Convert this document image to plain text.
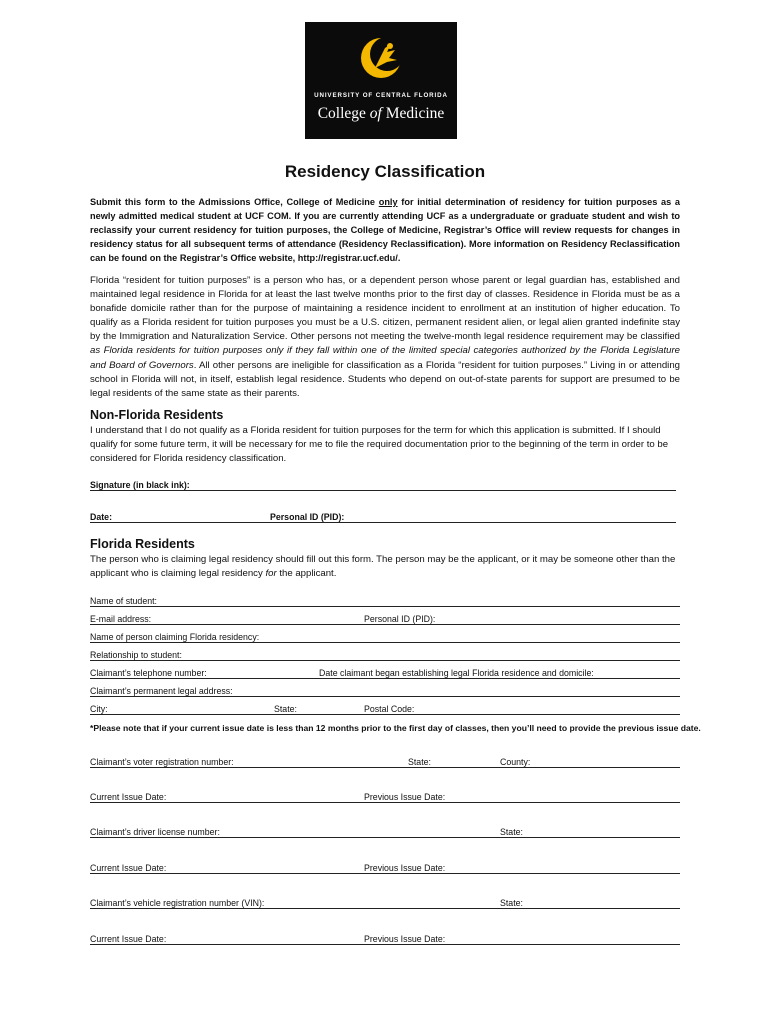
UNIVERSITY OF CENTRAL FLORIDA
College of Medicine
Residency Classification
Submit this form to the Admissions Office, College of Medicine only for initial determination of residency for tuition purposes as a newly admitted medical student at UCF COM. If you are currently attending UCF as a undergraduate or graduate student and wish to reclassify your current residency for tuition purposes, the College of Medicine, Registrar’s Office will review requests for changes in residency status for all subsequent terms of attendance (Residency Reclassification). More information on Residency Reclassification can be found on the Registrar’s Office website, http://registrar.ucf.edu/.
Florida “resident for tuition purposes” is a person who has, or a dependent person whose parent or legal guardian has, established and maintained legal residence in Florida for at least the last twelve months prior to the first day of classes. Residence in Florida must be as a bonafide domicile rather than for the purpose of maintaining a residence incident to enrollment at an institution of higher education. To qualify as a Florida resident for tuition purposes you must be a U.S. citizen, permanent resident alien, or legal alien granted indefinite stay by the Immigration and Naturalization Service. Other persons not meeting the twelve-month legal residence requirement may be classified as Florida residents for tuition purposes only if they fall within one of the limited special categories authorized by the Florida Legislature and Board of Governors. All other persons are ineligible for classification as a Florida “resident for tuition purposes.” Living in or attending school in Florida will not, in itself, establish legal residence. Students who depend on out-of-state parents for support are presumed to be legal residents of the same state as their parents.
Non-Florida Residents
I understand that I do not qualify as a Florida resident for tuition purposes for the term for which this application is submitted. If I should qualify for some future term, it will be necessary for me to file the required documentation prior to the beginning of the term in order to be considered for Florida residency classification.
Signature (in black ink):
Date:	Personal ID (PID):
Florida Residents
The person who is claiming legal residency should fill out this form. The person may be the applicant, or it may be someone other than the applicant who is claiming legal residency for the applicant.
Name of student:
E-mail address:	Personal ID (PID):
Name of person claiming Florida residency:
Relationship to student:
Claimant’s telephone number:	Date claimant began establishing legal Florida residence and domicile:
Claimant’s permanent legal address:
City:	State:	Postal Code:
*Please note that if your current issue date is less than 12 months prior to the first day of classes, then you’ll need to provide the previous issue date.
Claimant’s voter registration number:	State:	County:
Current Issue Date:	Previous Issue Date:
Claimant’s driver license number:	State:
Current Issue Date:	Previous Issue Date:
Claimant’s vehicle registration number (VIN):	State:
Current Issue Date:	Previous Issue Date:
